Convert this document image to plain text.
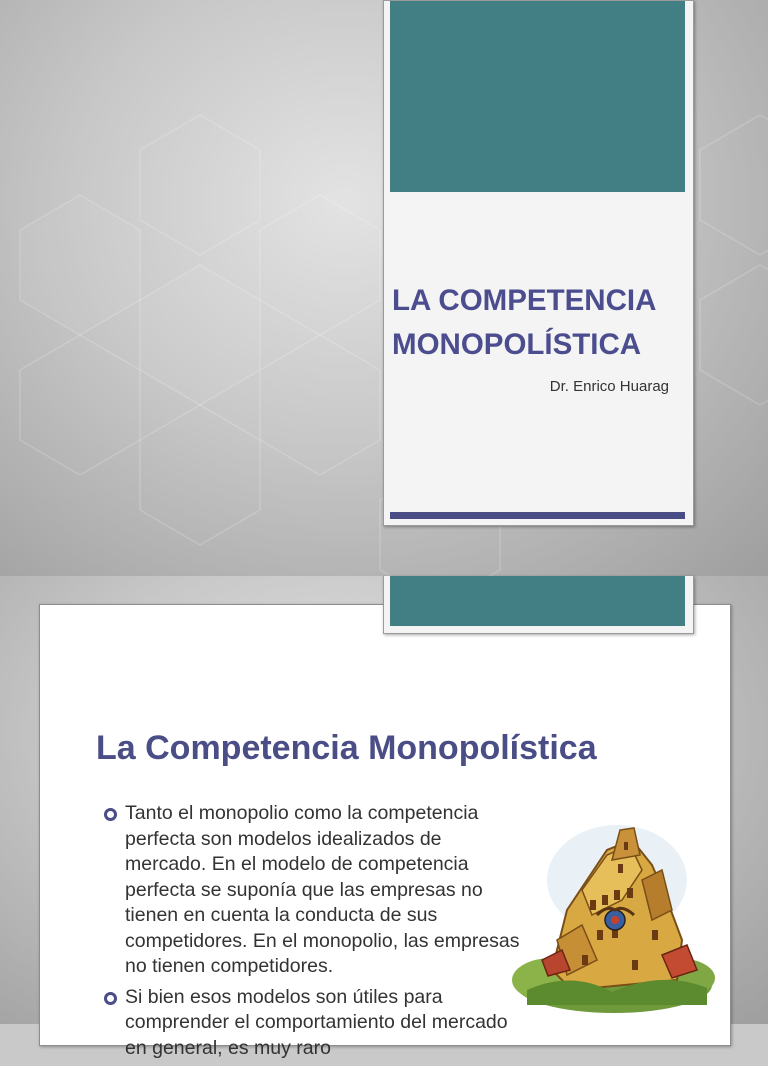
LA COMPETENCIA
MONOPOLÍSTICA
Dr. Enrico Huarag
La Competencia Monopolística
Tanto el monopolio como la competencia perfecta son modelos idealizados de mercado. En el modelo de competencia perfecta se suponía que las empresas no tienen en cuenta la conducta de sus competidores. En el monopolio, las empresas no tienen competidores.
Si bien esos modelos son útiles para comprender el comportamiento del mercado en general, es muy raro
